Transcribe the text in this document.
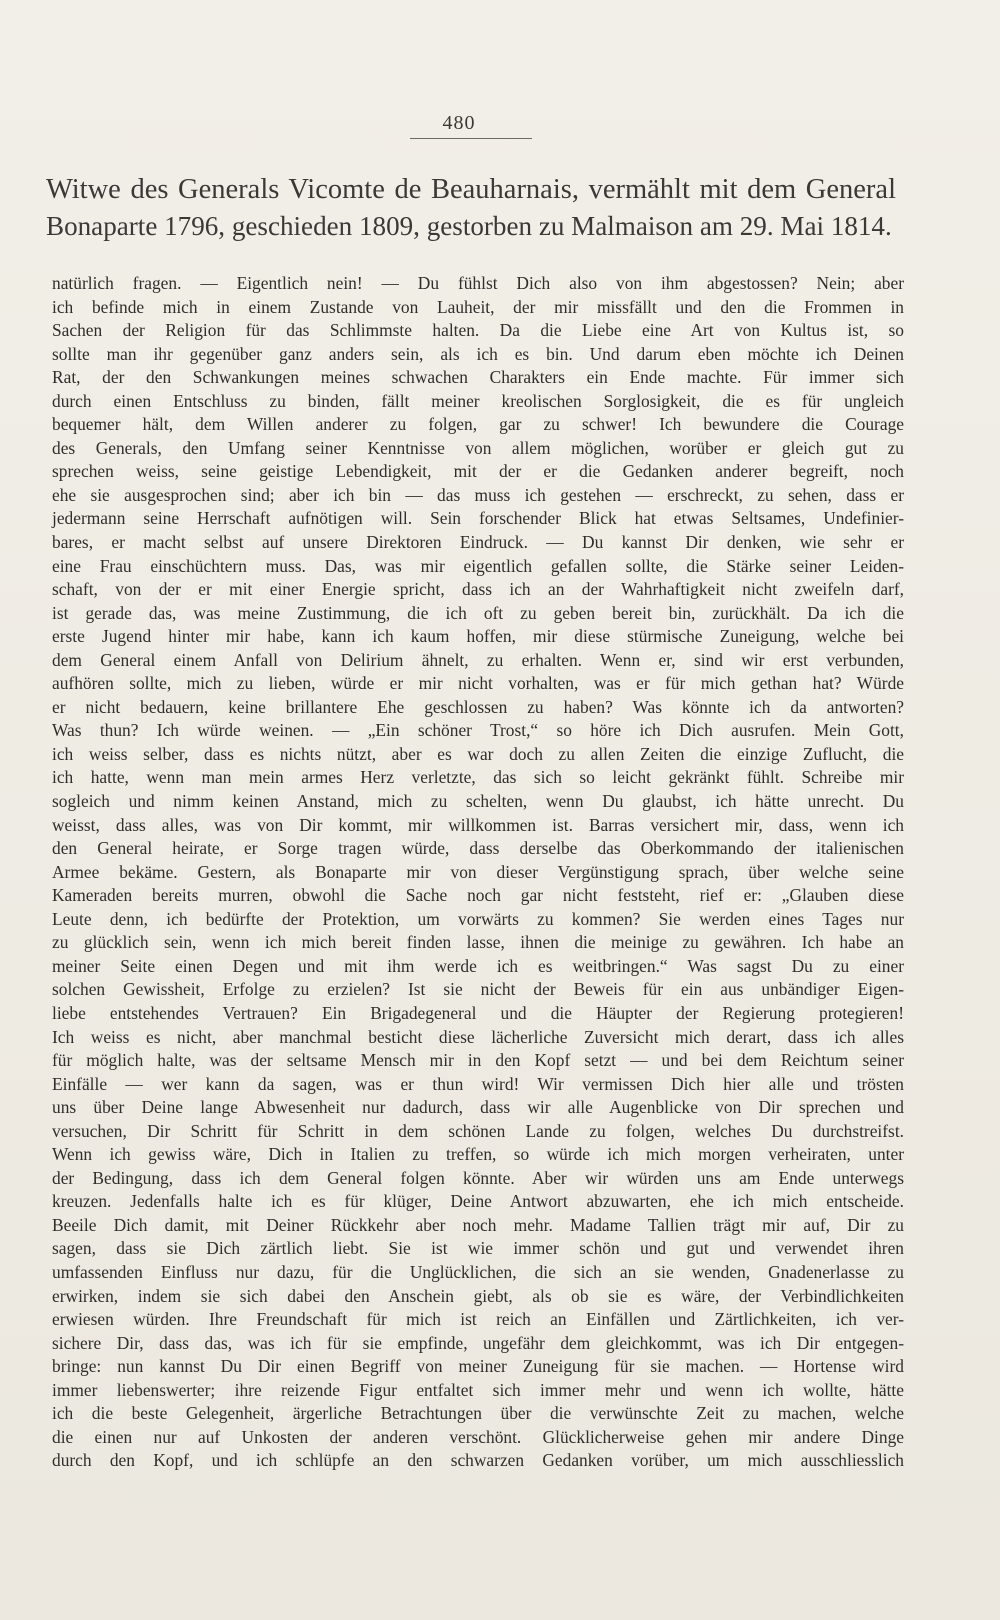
480
Witwe des Generals Vicomte de Beauharnais, vermählt mit dem General
Bonaparte 1796, geschieden 1809, gestorben zu Malmaison am 29. Mai 1814.
natürlich fragen. — Eigentlich nein! — Du fühlst Dich also von ihm abgestossen? Nein; aber
ich befinde mich in einem Zustande von Lauheit, der mir missfällt und den die Frommen in
Sachen der Religion für das Schlimmste halten. Da die Liebe eine Art von Kultus ist, so
sollte man ihr gegenüber ganz anders sein, als ich es bin. Und darum eben möchte ich Deinen
Rat, der den Schwankungen meines schwachen Charakters ein Ende machte. Für immer sich
durch einen Entschluss zu binden, fällt meiner kreolischen Sorglosigkeit, die es für ungleich
bequemer hält, dem Willen anderer zu folgen, gar zu schwer! Ich bewundere die Courage
des Generals, den Umfang seiner Kenntnisse von allem möglichen, worüber er gleich gut zu
sprechen weiss, seine geistige Lebendigkeit, mit der er die Gedanken anderer begreift, noch
ehe sie ausgesprochen sind; aber ich bin — das muss ich gestehen — erschreckt, zu sehen, dass er
jedermann seine Herrschaft aufnötigen will. Sein forschender Blick hat etwas Seltsames, Undefinier-
bares, er macht selbst auf unsere Direktoren Eindruck. — Du kannst Dir denken, wie sehr er
eine Frau einschüchtern muss. Das, was mir eigentlich gefallen sollte, die Stärke seiner Leiden-
schaft, von der er mit einer Energie spricht, dass ich an der Wahrhaftigkeit nicht zweifeln darf,
ist gerade das, was meine Zustimmung, die ich oft zu geben bereit bin, zurückhält. Da ich die
erste Jugend hinter mir habe, kann ich kaum hoffen, mir diese stürmische Zuneigung, welche bei
dem General einem Anfall von Delirium ähnelt, zu erhalten. Wenn er, sind wir erst verbunden,
aufhören sollte, mich zu lieben, würde er mir nicht vorhalten, was er für mich gethan hat? Würde
er nicht bedauern, keine brillantere Ehe geschlossen zu haben? Was könnte ich da antworten?
Was thun? Ich würde weinen. — „Ein schöner Trost,“ so höre ich Dich ausrufen. Mein Gott,
ich weiss selber, dass es nichts nützt, aber es war doch zu allen Zeiten die einzige Zuflucht, die
ich hatte, wenn man mein armes Herz verletzte, das sich so leicht gekränkt fühlt. Schreibe mir
sogleich und nimm keinen Anstand, mich zu schelten, wenn Du glaubst, ich hätte unrecht. Du
weisst, dass alles, was von Dir kommt, mir willkommen ist. Barras versichert mir, dass, wenn ich
den General heirate, er Sorge tragen würde, dass derselbe das Oberkommando der italienischen
Armee bekäme. Gestern, als Bonaparte mir von dieser Vergünstigung sprach, über welche seine
Kameraden bereits murren, obwohl die Sache noch gar nicht feststeht, rief er: „Glauben diese
Leute denn, ich bedürfte der Protektion, um vorwärts zu kommen? Sie werden eines Tages nur
zu glücklich sein, wenn ich mich bereit finden lasse, ihnen die meinige zu gewähren. Ich habe an
meiner Seite einen Degen und mit ihm werde ich es weitbringen.“ Was sagst Du zu einer
solchen Gewissheit, Erfolge zu erzielen? Ist sie nicht der Beweis für ein aus unbändiger Eigen-
liebe entstehendes Vertrauen? Ein Brigadegeneral und die Häupter der Regierung protegieren!
Ich weiss es nicht, aber manchmal besticht diese lächerliche Zuversicht mich derart, dass ich alles
für möglich halte, was der seltsame Mensch mir in den Kopf setzt — und bei dem Reichtum seiner
Einfälle — wer kann da sagen, was er thun wird! Wir vermissen Dich hier alle und trösten
uns über Deine lange Abwesenheit nur dadurch, dass wir alle Augenblicke von Dir sprechen und
versuchen, Dir Schritt für Schritt in dem schönen Lande zu folgen, welches Du durchstreifst.
Wenn ich gewiss wäre, Dich in Italien zu treffen, so würde ich mich morgen verheiraten, unter
der Bedingung, dass ich dem General folgen könnte. Aber wir würden uns am Ende unterwegs
kreuzen. Jedenfalls halte ich es für klüger, Deine Antwort abzuwarten, ehe ich mich entscheide.
Beeile Dich damit, mit Deiner Rückkehr aber noch mehr. Madame Tallien trägt mir auf, Dir zu
sagen, dass sie Dich zärtlich liebt. Sie ist wie immer schön und gut und verwendet ihren
umfassenden Einfluss nur dazu, für die Unglücklichen, die sich an sie wenden, Gnadenerlasse zu
erwirken, indem sie sich dabei den Anschein giebt, als ob sie es wäre, der Verbindlichkeiten
erwiesen würden. Ihre Freundschaft für mich ist reich an Einfällen und Zärtlichkeiten, ich ver-
sichere Dir, dass das, was ich für sie empfinde, ungefähr dem gleichkommt, was ich Dir entgegen-
bringe: nun kannst Du Dir einen Begriff von meiner Zuneigung für sie machen. — Hortense wird
immer liebenswerter; ihre reizende Figur entfaltet sich immer mehr und wenn ich wollte, hätte
ich die beste Gelegenheit, ärgerliche Betrachtungen über die verwünschte Zeit zu machen, welche
die einen nur auf Unkosten der anderen verschönt. Glücklicherweise gehen mir andere Dinge
durch den Kopf, und ich schlüpfe an den schwarzen Gedanken vorüber, um mich ausschliesslich
